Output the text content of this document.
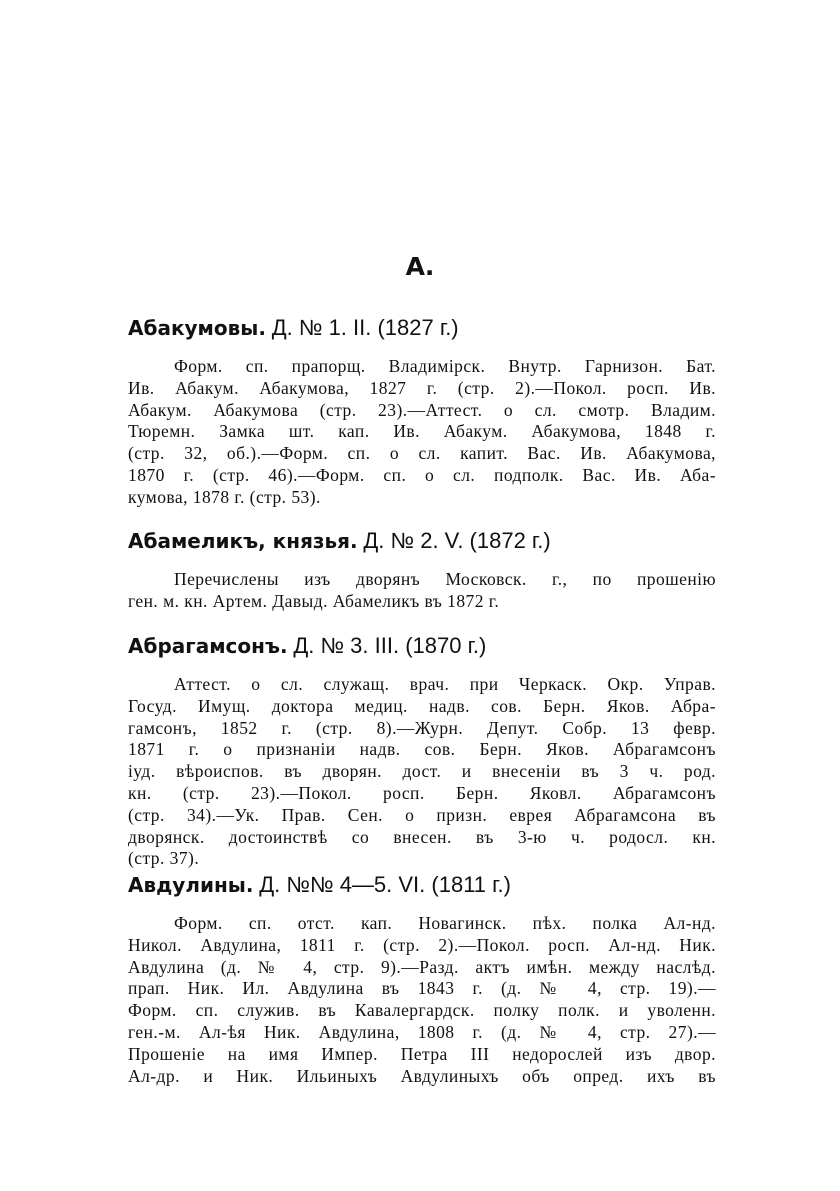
А.
Абакумовы. Д. № 1. II. (1827 г.)
Форм. сп. прапорщ. Владимірск. Внутр. Гарнизон. Бат.
Ив. Абакум. Абакумова, 1827 г. (стр. 2).—Покол. росп. Ив.
Абакум. Абакумова (стр. 23).—Аттест. о сл. смотр. Владим.
Тюремн. Замка шт. кап. Ив. Абакум. Абакумова, 1848 г.
(стр. 32, об.).—Форм. сп. о сл. капит. Вас. Ив. Абакумова,
1870 г. (стр. 46).—Форм. сп. о сл. подполк. Вас. Ив. Аба-
кумова, 1878 г. (стр. 53).
Абамеликъ, князья. Д. № 2. V. (1872 г.)
Перечислены изъ дворянъ Московск. г., по прошенію
ген. м. кн. Артем. Давыд. Абамеликъ въ 1872 г.
Абрагамсонъ. Д. № 3. III. (1870 г.)
Аттест. о сл. служащ. врач. при Черкаск. Окр. Управ.
Госуд. Имущ. доктора медиц. надв. сов. Берн. Яков. Абра-
гамсонъ, 1852 г. (стр. 8).—Журн. Депут. Собр. 13 февр.
1871 г. о признаніи надв. сов. Берн. Яков. Абрагамсонъ
іуд. вѣроиспов. въ дворян. дост. и внесеніи въ 3 ч. род.
кн. (стр. 23).—Покол. росп. Берн. Яковл. Абрагамсонъ
(стр. 34).—Ук. Прав. Сен. о призн. еврея Абрагамсона въ
дворянск. достоинствѣ со внесен. въ 3-ю ч. родосл. кн.
(стр. 37).
Авдулины. Д. №№ 4—5. VI. (1811 г.)
Форм. сп. отст. кап. Новагинск. пѣх. полка Ал-нд.
Никол. Авдулина, 1811 г. (стр. 2).—Покол. росп. Ал-нд. Ник.
Авдулина (д. № 4, стр. 9).—Разд. актъ имѣн. между наслѣд.
прап. Ник. Ил. Авдулина въ 1843 г. (д. № 4, стр. 19).—
Форм. сп. служив. въ Кавалергардск. полку полк. и уволенн.
ген.-м. Ал-ѣя Ник. Авдулина, 1808 г. (д. № 4, стр. 27).—
Прошеніе на имя Импер. Петра III недорослей изъ двор.
Ал-др. и Ник. Ильиныхъ Авдулиныхъ объ опред. ихъ въ
